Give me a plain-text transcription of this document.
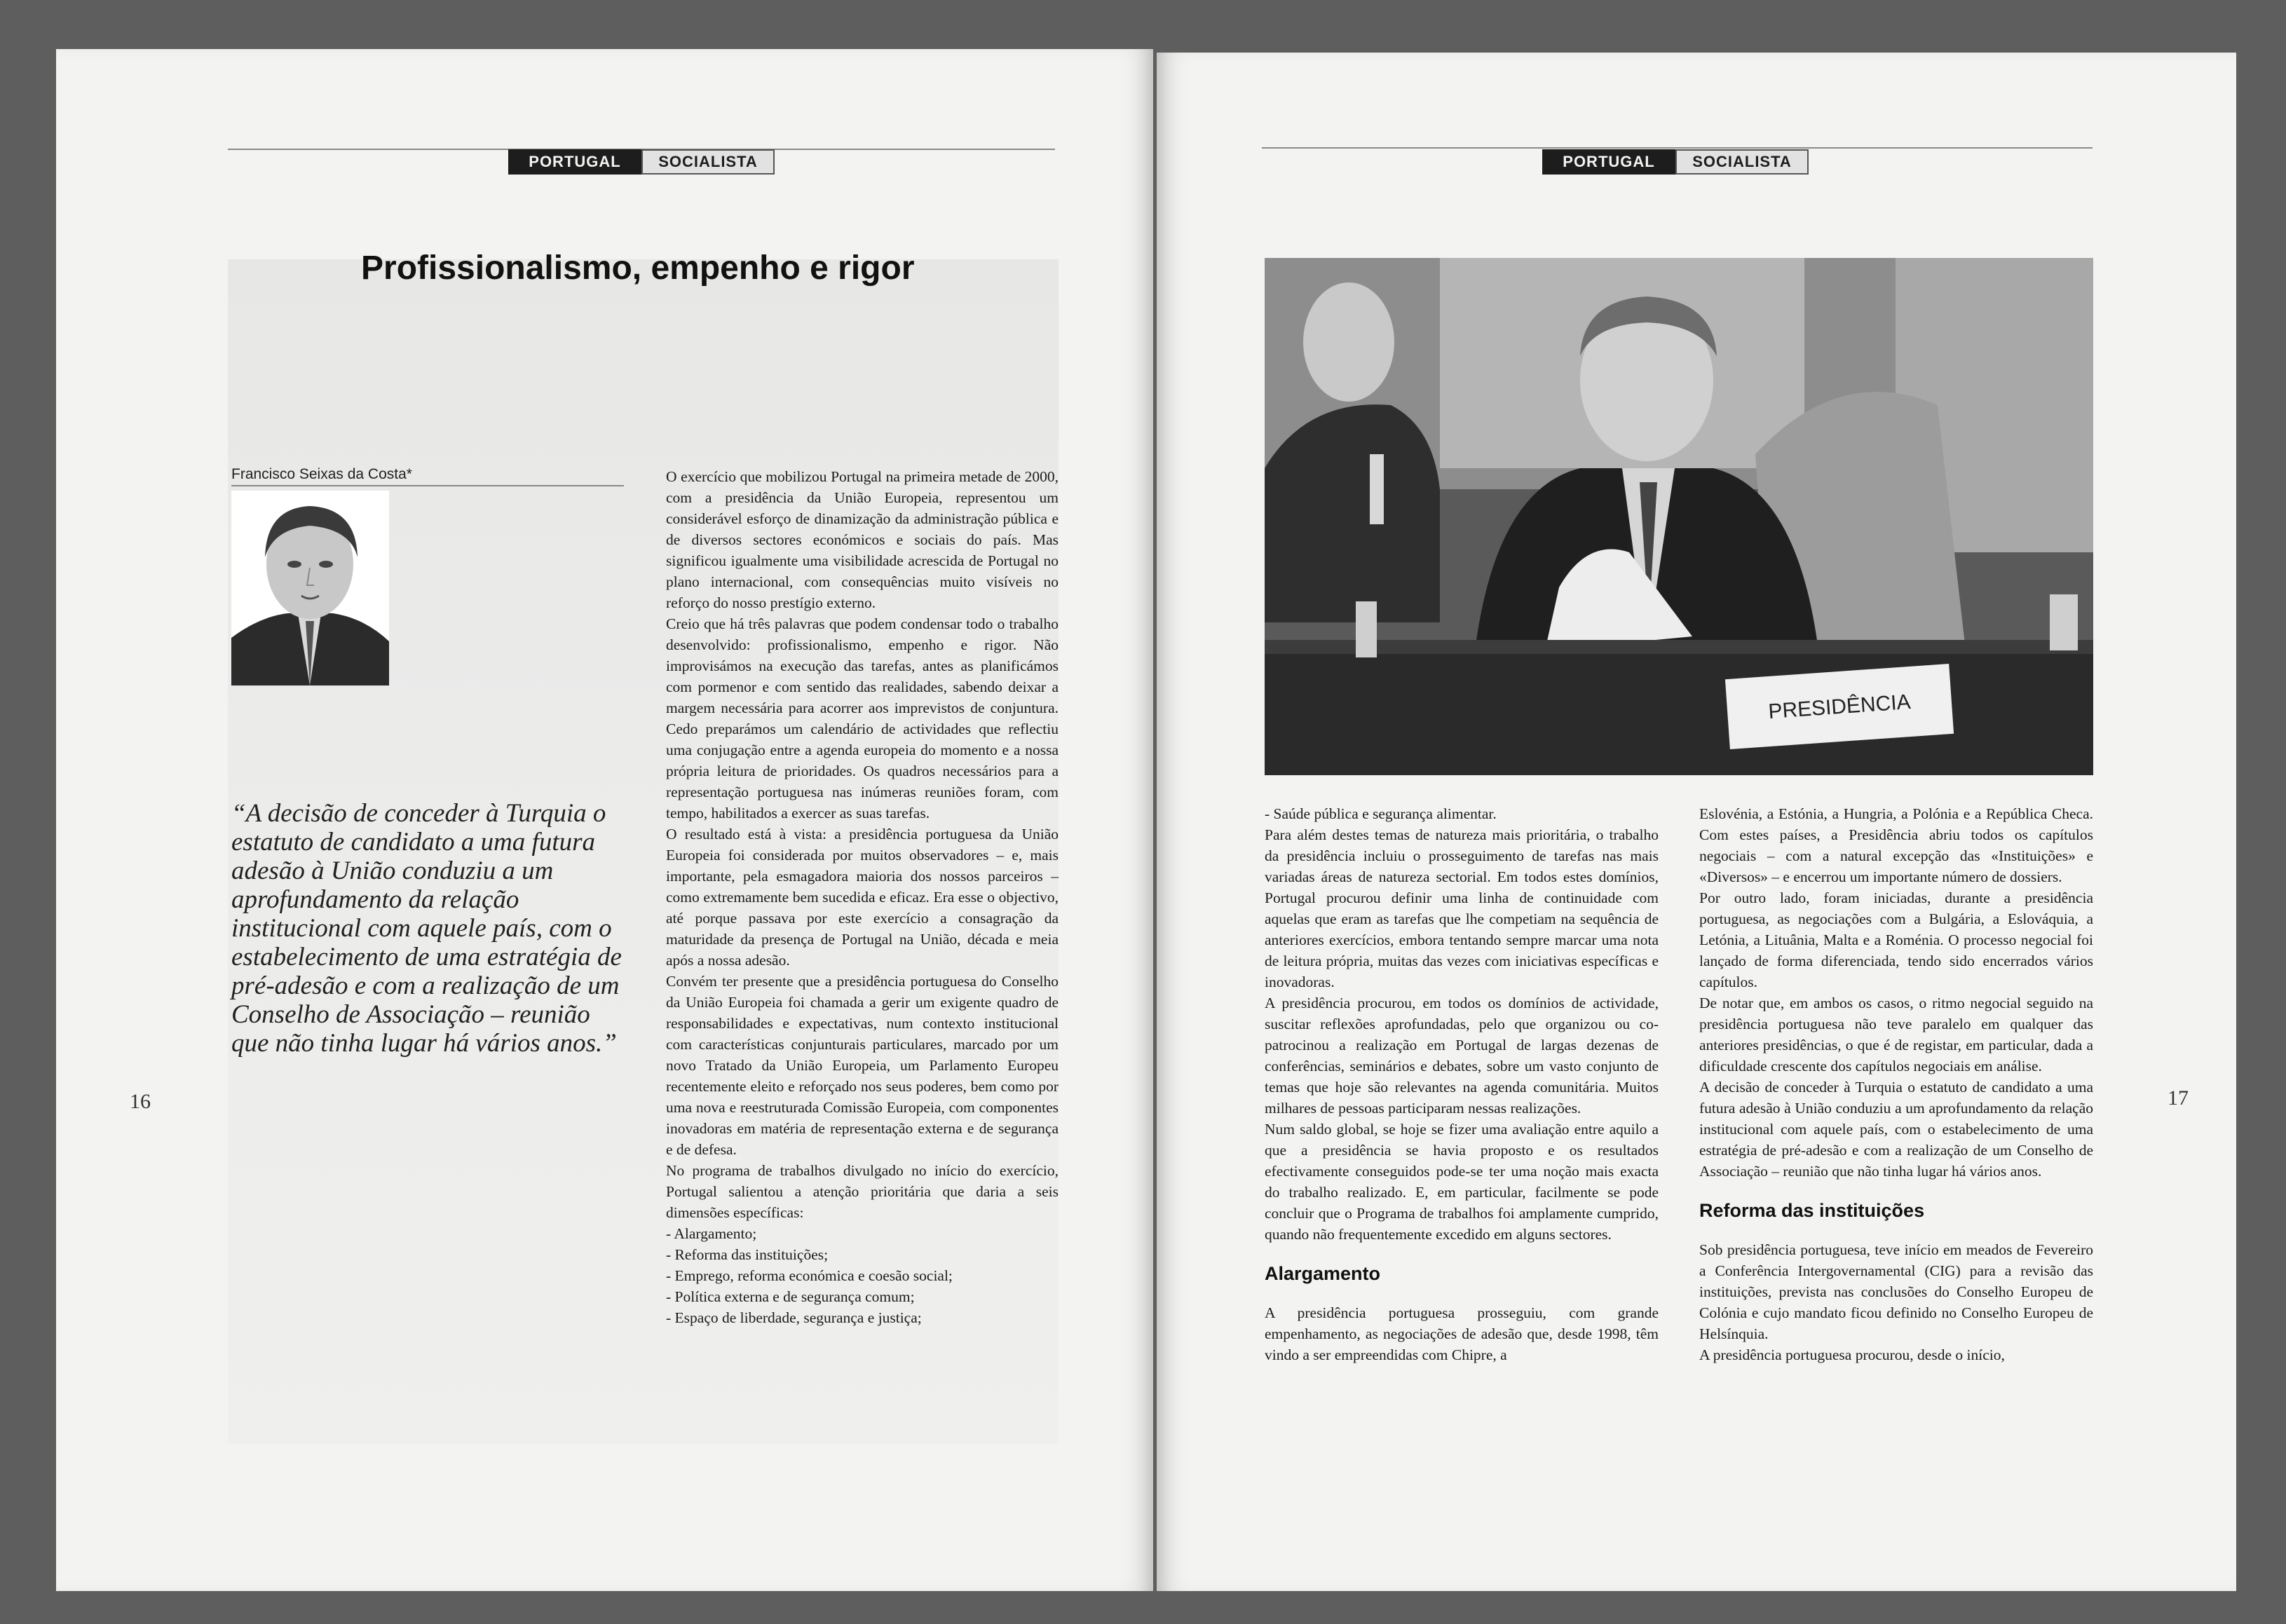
PORTUGAL	SOCIALISTA
Profissionalismo, empenho e rigor
Francisco Seixas da Costa*

“A decisão de conceder à Turquia o estatuto de candidato a uma futura adesão à União conduziu a um aprofundamento da relação institucional com aquele país, com o estabelecimento de uma estratégia de pré-adesão e com a realização de um Conselho de Associação – reunião que não tinha lugar há vários anos.”

16

O exercício que mobilizou Portugal na primeira metade de 2000, com a presidência da União Europeia, representou um considerável esforço de dinamização da administração pública e de diversos sectores económicos e sociais do país. Mas significou igualmente uma visibilidade acrescida de Portugal no plano internacional, com consequências muito visíveis no reforço do nosso prestígio externo.

Creio que há três palavras que podem condensar todo o trabalho desenvolvido: profissionalismo, empenho e rigor. Não improvisámos na execução das tarefas, antes as planificámos com pormenor e com sentido das realidades, sabendo deixar a margem necessária para acorrer aos imprevistos de conjuntura. Cedo preparámos um calendário de actividades que reflectiu uma conjugação entre a agenda europeia do momento e a nossa própria leitura de prioridades. Os quadros necessários para a representação portuguesa nas inúmeras reuniões foram, com tempo, habilitados a exercer as suas tarefas.

O resultado está à vista: a presidência portuguesa da União Europeia foi considerada por muitos observadores – e, mais importante, pela esmagadora maioria dos nossos parceiros – como extremamente bem sucedida e eficaz. Era esse o objectivo, até porque passava por este exercício a consagração da maturidade da presença de Portugal na União, década e meia após a nossa adesão.

Convém ter presente que a presidência portuguesa do Conselho da União Europeia foi chamada a gerir um exigente quadro de responsabilidades e expectativas, num contexto institucional com características conjunturais particulares, marcado por um novo Tratado da União Europeia, um Parlamento Europeu recentemente eleito e reforçado nos seus poderes, bem como por uma nova e reestruturada Comissão Europeia, com componentes inovadoras em matéria de representação externa e de segurança e de defesa.

No programa de trabalhos divulgado no início do exercício, Portugal salientou a atenção prioritária que daria a seis dimensões específicas:

- Alargamento;
- Reforma das instituições;
- Emprego, reforma económica e coesão social;
- Política externa e de segurança comum;
- Espaço de liberdade, segurança e justiça;
PORTUGAL	SOCIALISTA
PRESIDÊNCIA

- Saúde pública e segurança alimentar.

Para além destes temas de natureza mais prioritária, o trabalho da presidência incluiu o prosseguimento de tarefas nas mais variadas áreas de natureza sectorial. Em todos estes domínios, Portugal procurou definir uma linha de continuidade com aquelas que eram as tarefas que lhe competiam na sequência de anteriores exercícios, embora tentando sempre marcar uma nota de leitura própria, muitas das vezes com iniciativas específicas e inovadoras.

A presidência procurou, em todos os domínios de actividade, suscitar reflexões aprofundadas, pelo que organizou ou co-patrocinou a realização em Portugal de largas dezenas de conferências, seminários e debates, sobre um vasto conjunto de temas que hoje são relevantes na agenda comunitária. Muitos milhares de pessoas participaram nessas realizações.

Num saldo global, se hoje se fizer uma avaliação entre aquilo a que a presidência se havia proposto e os resultados efectivamente conseguidos pode-se ter uma noção mais exacta do trabalho realizado. E, em particular, facilmente se pode concluir que o Programa de trabalhos foi amplamente cumprido, quando não frequentemente excedido em alguns sectores.

Alargamento

A presidência portuguesa prosseguiu, com grande empenhamento, as negociações de adesão que, desde 1998, têm vindo a ser empreendidas com Chipre, a

Eslovénia, a Estónia, a Hungria, a Polónia e a República Checa. Com estes países, a Presidência abriu todos os capítulos negociais – com a natural excepção das «Instituições» e «Diversos» – e encerrou um importante número de dossiers.

Por outro lado, foram iniciadas, durante a presidência portuguesa, as negociações com a Bulgária, a Eslováquia, a Letónia, a Lituânia, Malta e a Roménia. O processo negocial foi lançado de forma diferenciada, tendo sido encerrados vários capítulos.

De notar que, em ambos os casos, o ritmo negocial seguido na presidência portuguesa não teve paralelo em qualquer das anteriores presidências, o que é de registar, em particular, dada a dificuldade crescente dos capítulos negociais em análise.

A decisão de conceder à Turquia o estatuto de candidato a uma futura adesão à União conduziu a um aprofundamento da relação institucional com aquele país, com o estabelecimento de uma estratégia de pré-adesão e com a realização de um Conselho de Associação – reunião que não tinha lugar há vários anos.

Reforma das instituições

Sob presidência portuguesa, teve início em meados de Fevereiro a Conferência Intergovernamental (CIG) para a revisão das instituições, prevista nas conclusões do Conselho Europeu de Colónia e cujo mandato ficou definido no Conselho Europeu de Helsínquia.

A presidência portuguesa procurou, desde o início,

17
